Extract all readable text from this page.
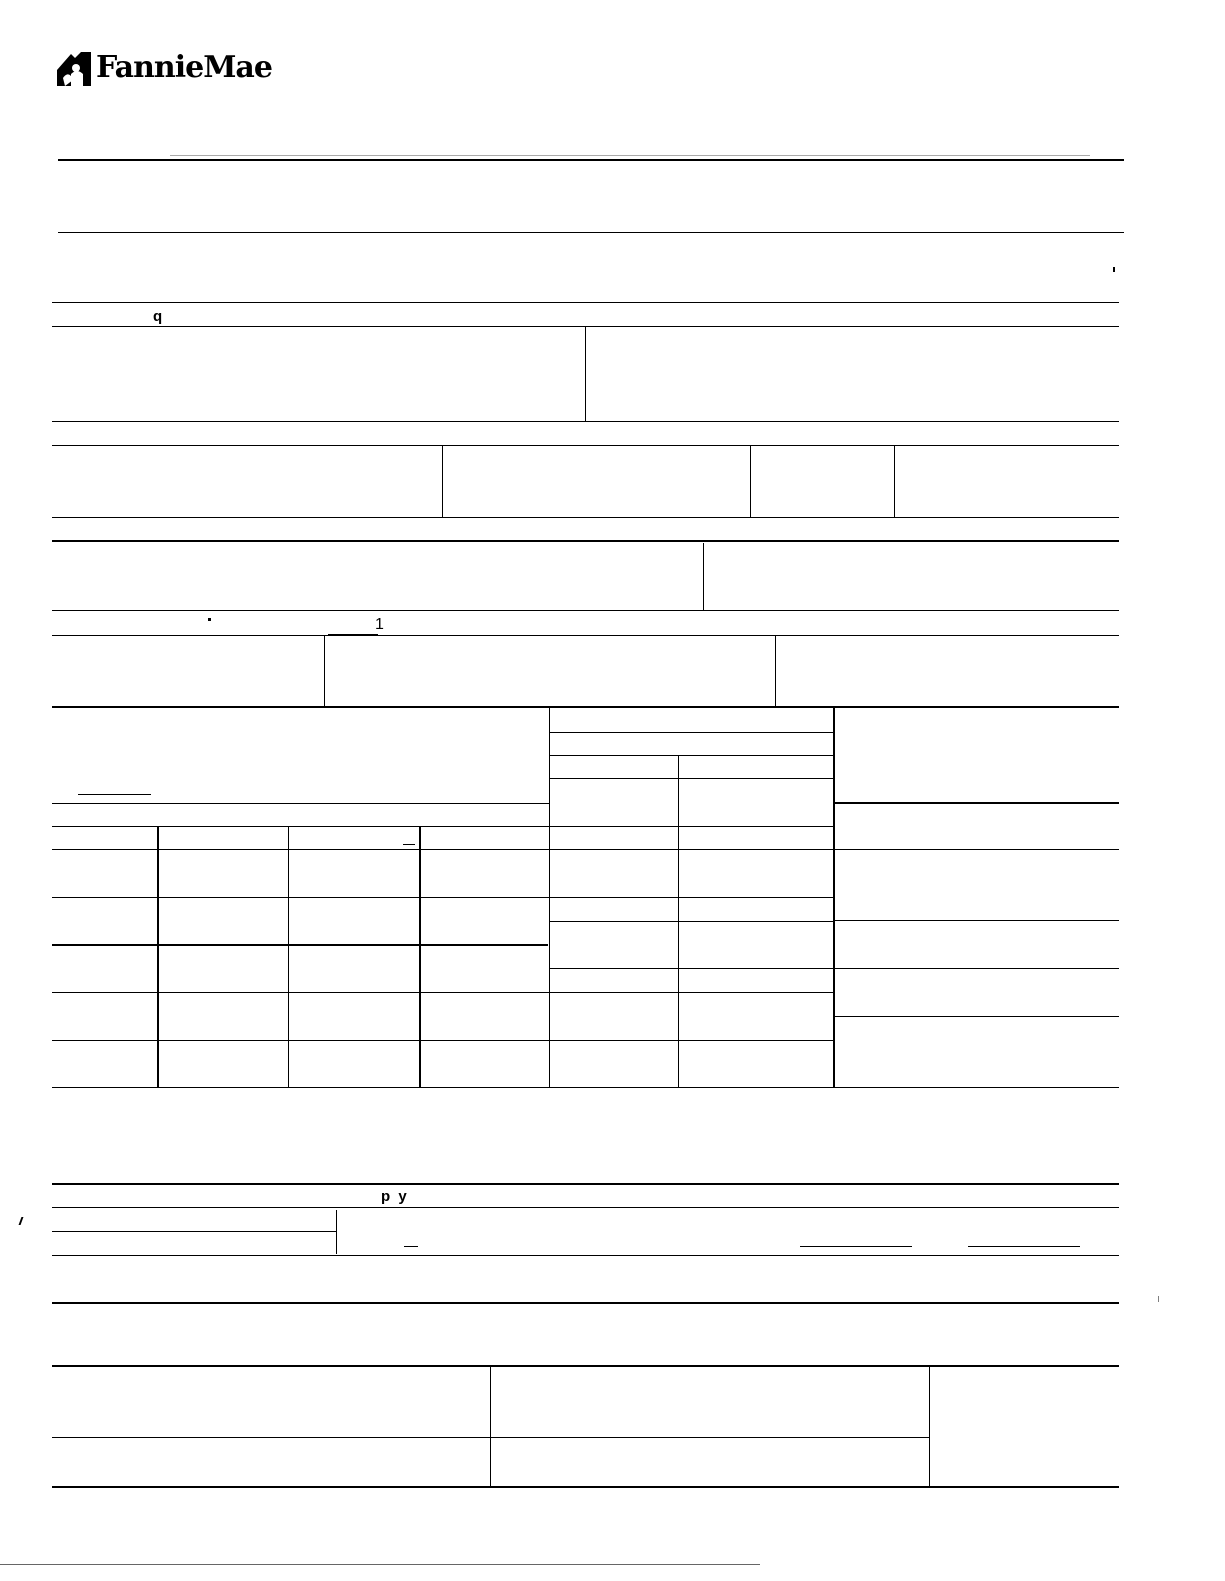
FannieMae
q
1
p y
